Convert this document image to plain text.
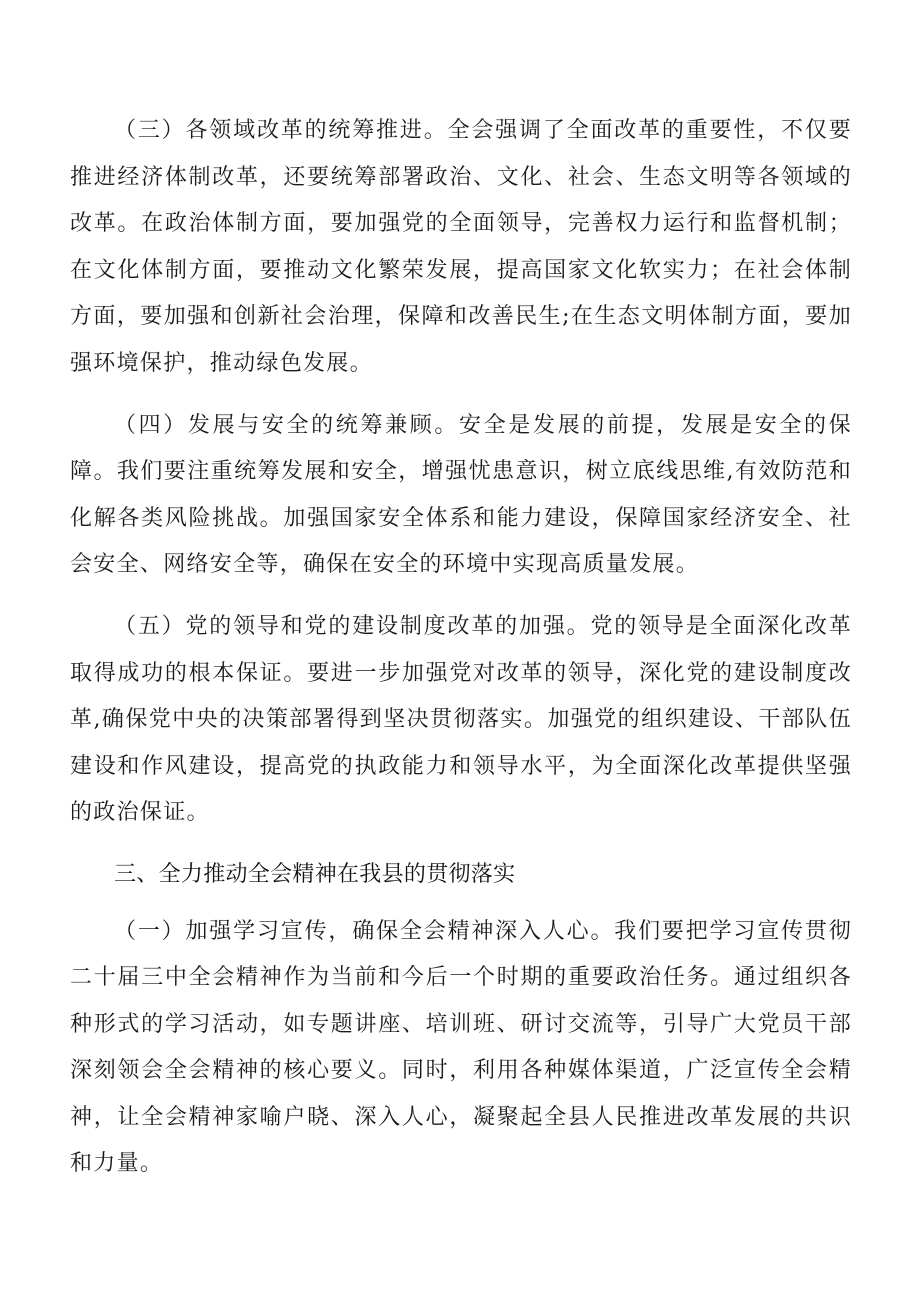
（三）各领域改革的统筹推进。全会强调了全面改革的重要性，不仅要推进经济体制改革，还要统筹部署政治、文化、社会、生态文明等各领域的改革。在政治体制方面，要加强党的全面领导，完善权力运行和监督机制；在文化体制方面，要推动文化繁荣发展，提高国家文化软实力；在社会体制方面，要加强和创新社会治理，保障和改善民生;在生态文明体制方面，要加强环境保护，推动绿色发展。

（四）发展与安全的统筹兼顾。安全是发展的前提，发展是安全的保障。我们要注重统筹发展和安全，增强忧患意识，树立底线思维,有效防范和化解各类风险挑战。加强国家安全体系和能力建设，保障国家经济安全、社会安全、网络安全等，确保在安全的环境中实现高质量发展。

（五）党的领导和党的建设制度改革的加强。党的领导是全面深化改革取得成功的根本保证。要进一步加强党对改革的领导，深化党的建设制度改革,确保党中央的决策部署得到坚决贯彻落实。加强党的组织建设、干部队伍建设和作风建设，提高党的执政能力和领导水平，为全面深化改革提供坚强的政治保证。

三、全力推动全会精神在我县的贯彻落实

（一）加强学习宣传，确保全会精神深入人心。我们要把学习宣传贯彻二十届三中全会精神作为当前和今后一个时期的重要政治任务。通过组织各种形式的学习活动，如专题讲座、培训班、研讨交流等，引导广大党员干部深刻领会全会精神的核心要义。同时，利用各种媒体渠道，广泛宣传全会精神，让全会精神家喻户晓、深入人心，凝聚起全县人民推进改革发展的共识和力量。
